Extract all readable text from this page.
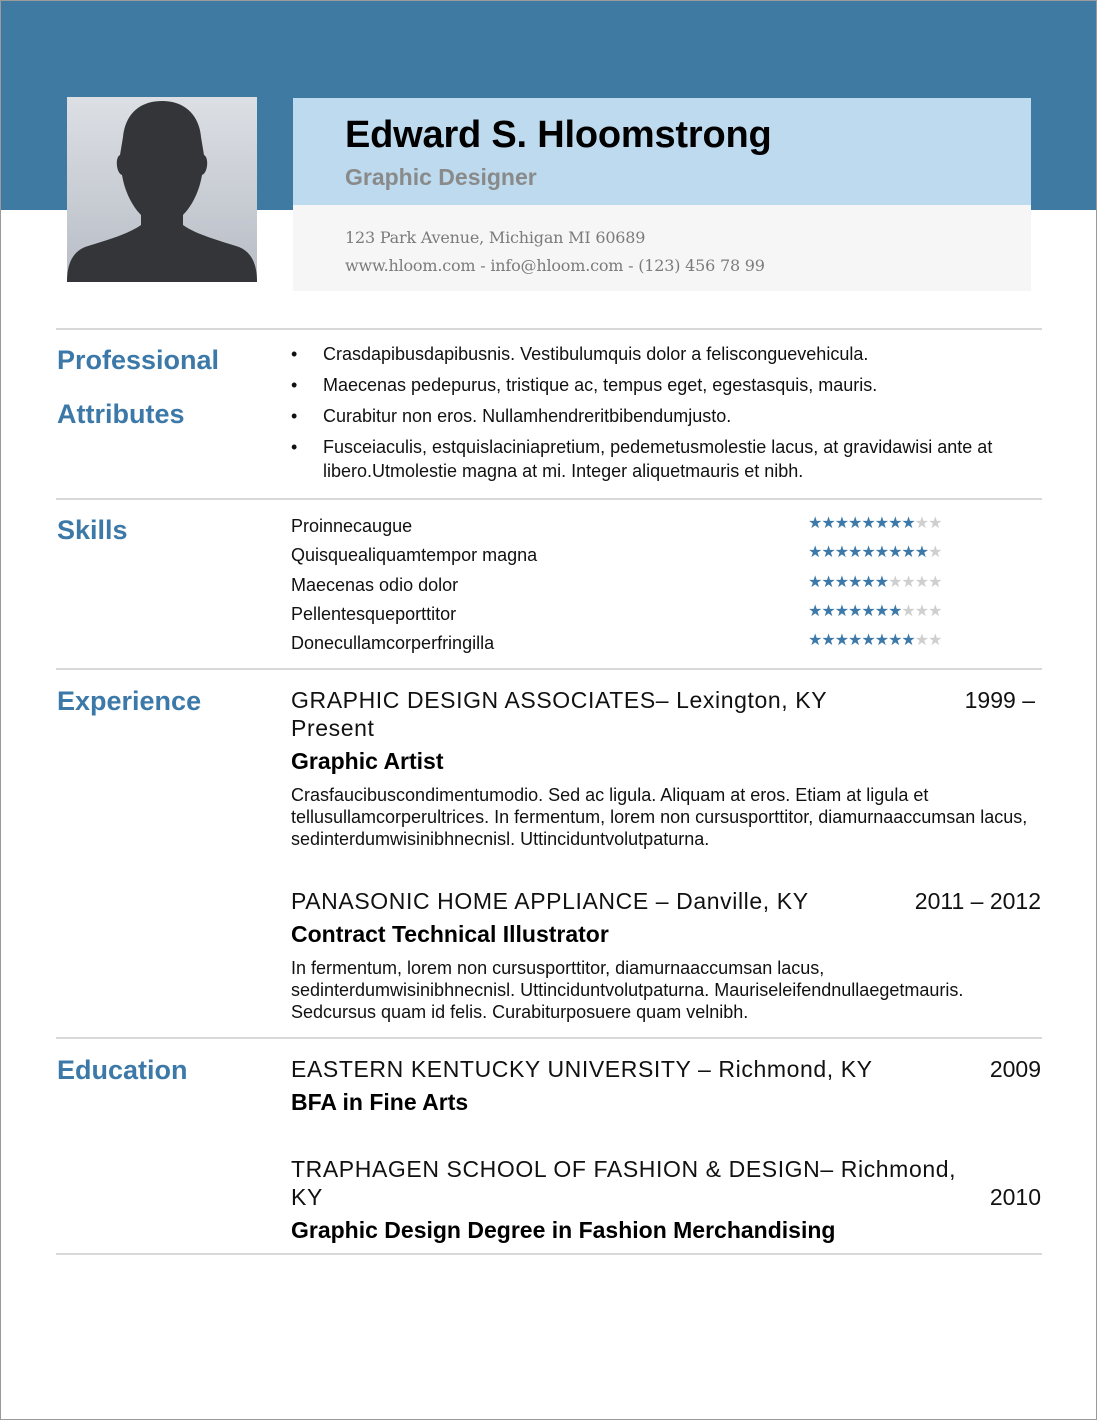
Edward S. Hloomstrong
Graphic Designer
123 Park Avenue, Michigan MI 60689
www.hloom.com - info@hloom.com - (123) 456 78 99
Professional
Attributes
• Crasdapibusdapibusnis. Vestibulumquis dolor a felisconguevehicula.
• Maecenas pedepurus, tristique ac, tempus eget, egestasquis, mauris.
• Curabitur non eros. Nullamhendreritbibendumjusto.
• Fusceiaculis, estquislaciniapretium, pedemetusmolestie lacus, at gravidawisi ante at libero.Utmolestie magna at mi. Integer aliquetmauris et nibh.
Skills	Proinnecaugue	★★★★★★★★★★
Quisquealiquamtempor magna	★★★★★★★★★★
Maecenas odio dolor	★★★★★★★★★★
Pellentesqueporttitor	★★★★★★★★★★
Donecullamcorperfringilla	★★★★★★★★★★
Experience	GRAPHIC DESIGN ASSOCIATES– Lexington, KY	1999 –
Present
Graphic Artist
Crasfaucibuscondimentumodio. Sed ac ligula. Aliquam at eros. Etiam at ligula et tellusullamcorperultrices. In fermentum, lorem non cursusporttitor, diamurnaaccumsan lacus, sedinterdumwisinibhnecnisl. Uttinciduntvolutpaturna.
PANASONIC HOME APPLIANCE – Danville, KY	2011 – 2012
Contract Technical Illustrator
In fermentum, lorem non cursusporttitor, diamurnaaccumsan lacus, sedinterdumwisinibhnecnisl. Uttinciduntvolutpaturna. Mauriseleifendnullaegetmauris. Sedcursus quam id felis. Curabiturposuere quam velnibh.
Education	EASTERN KENTUCKY UNIVERSITY – Richmond, KY	2009
BFA in Fine Arts
TRAPHAGEN SCHOOL OF FASHION & DESIGN– Richmond,
KY	2010
Graphic Design Degree in Fashion Merchandising
